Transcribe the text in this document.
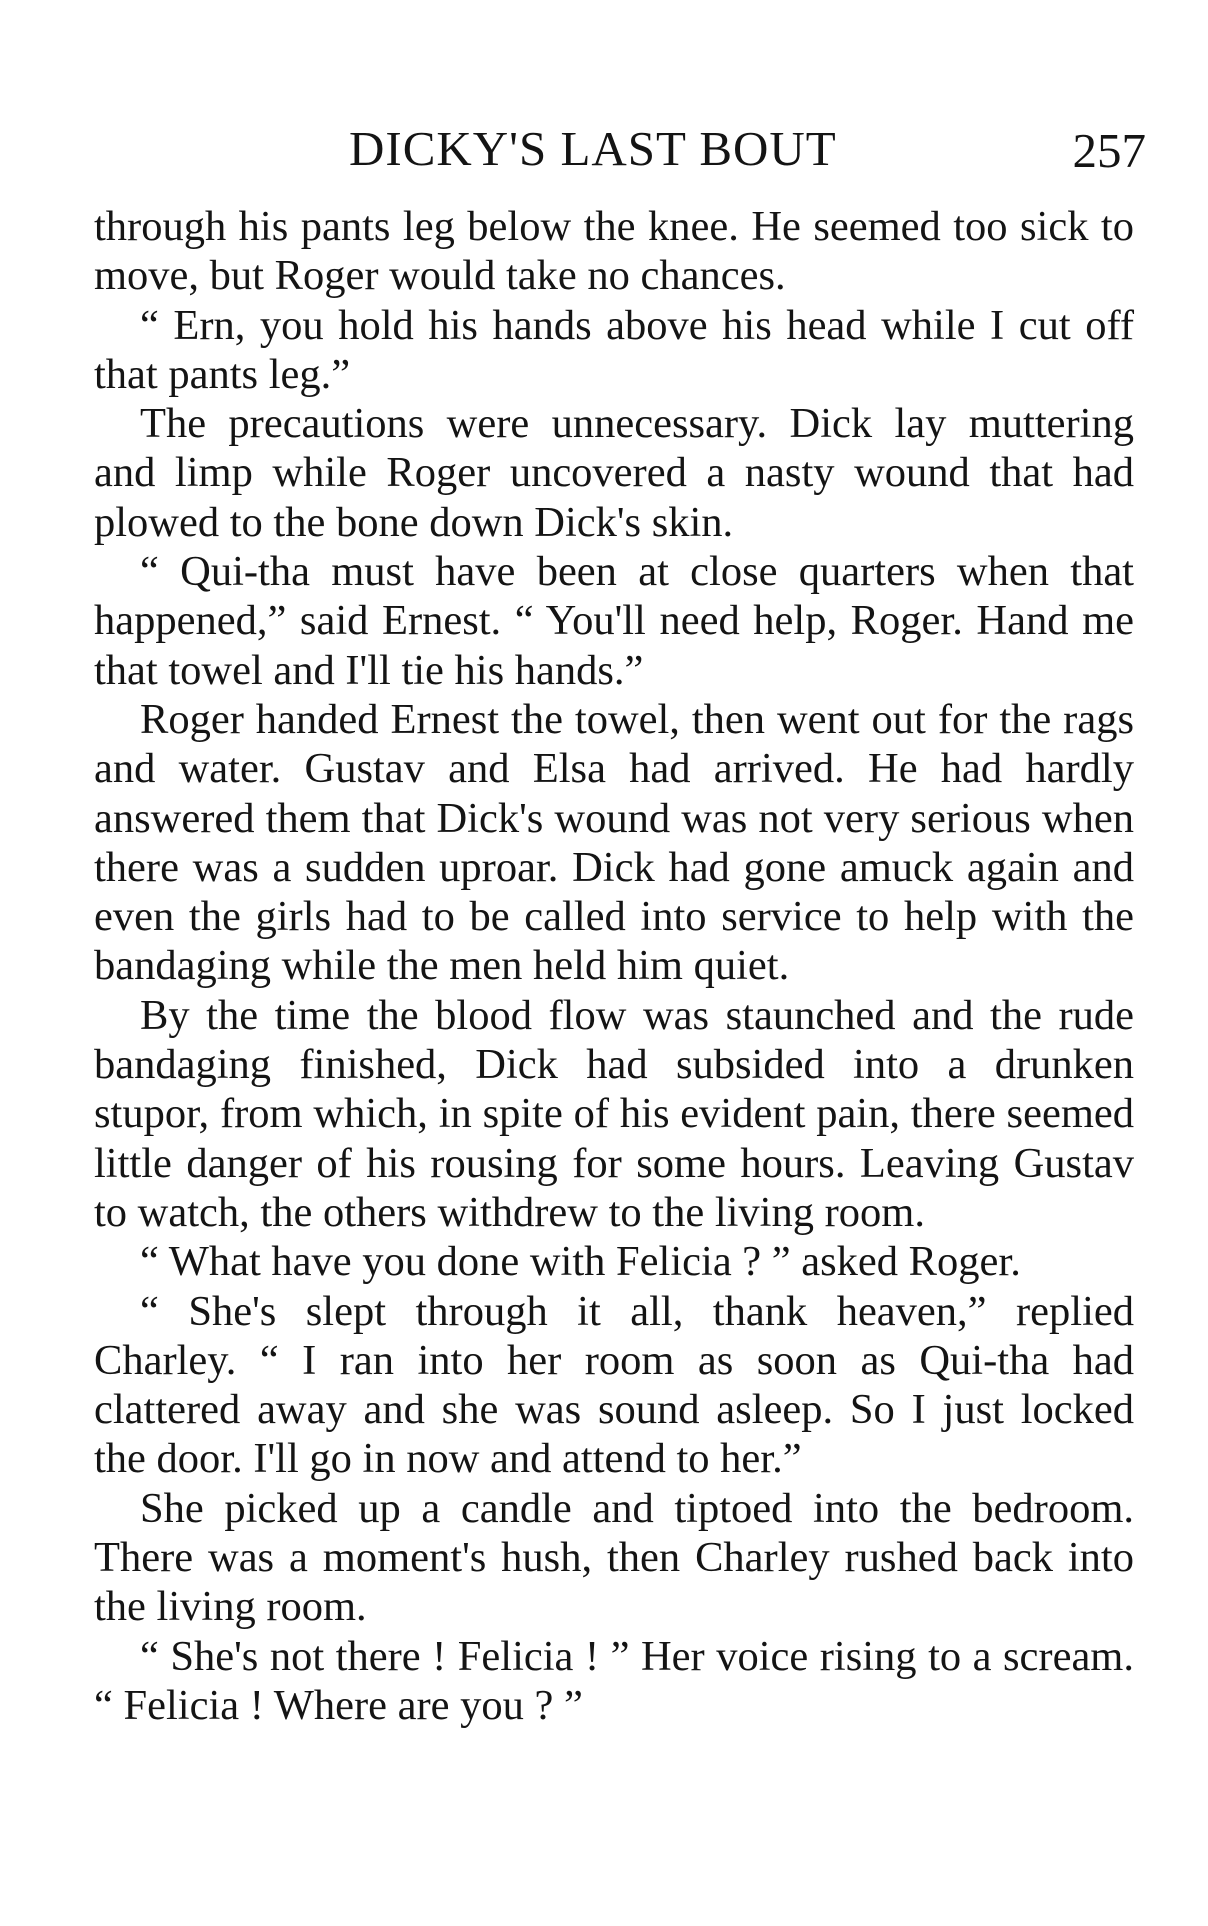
DICKY'S LAST BOUT	257

through his pants leg below the knee. He seemed too sick to move, but Roger would take no chances.

“ Ern, you hold his hands above his head while I cut off that pants leg.”

The precautions were unnecessary. Dick lay muttering and limp while Roger uncovered a nasty wound that had plowed to the bone down Dick's skin.

“ Qui-tha must have been at close quarters when that happened,” said Ernest. “ You'll need help, Roger. Hand me that towel and I'll tie his hands.”

Roger handed Ernest the towel, then went out for the rags and water. Gustav and Elsa had arrived. He had hardly answered them that Dick's wound was not very serious when there was a sudden uproar. Dick had gone amuck again and even the girls had to be called into service to help with the bandaging while the men held him quiet.

By the time the blood flow was staunched and the rude bandaging finished, Dick had subsided into a drunken stupor, from which, in spite of his evident pain, there seemed little danger of his rousing for some hours. Leaving Gustav to watch, the others withdrew to the living room.

“ What have you done with Felicia ? ” asked Roger.

“ She's slept through it all, thank heaven,” replied Charley. “ I ran into her room as soon as Qui-tha had clattered away and she was sound asleep. So I just locked the door. I'll go in now and attend to her.”

She picked up a candle and tiptoed into the bedroom. There was a moment's hush, then Charley rushed back into the living room.

“ She's not there ! Felicia ! ” Her voice rising to a scream. “ Felicia ! Where are you ? ”
